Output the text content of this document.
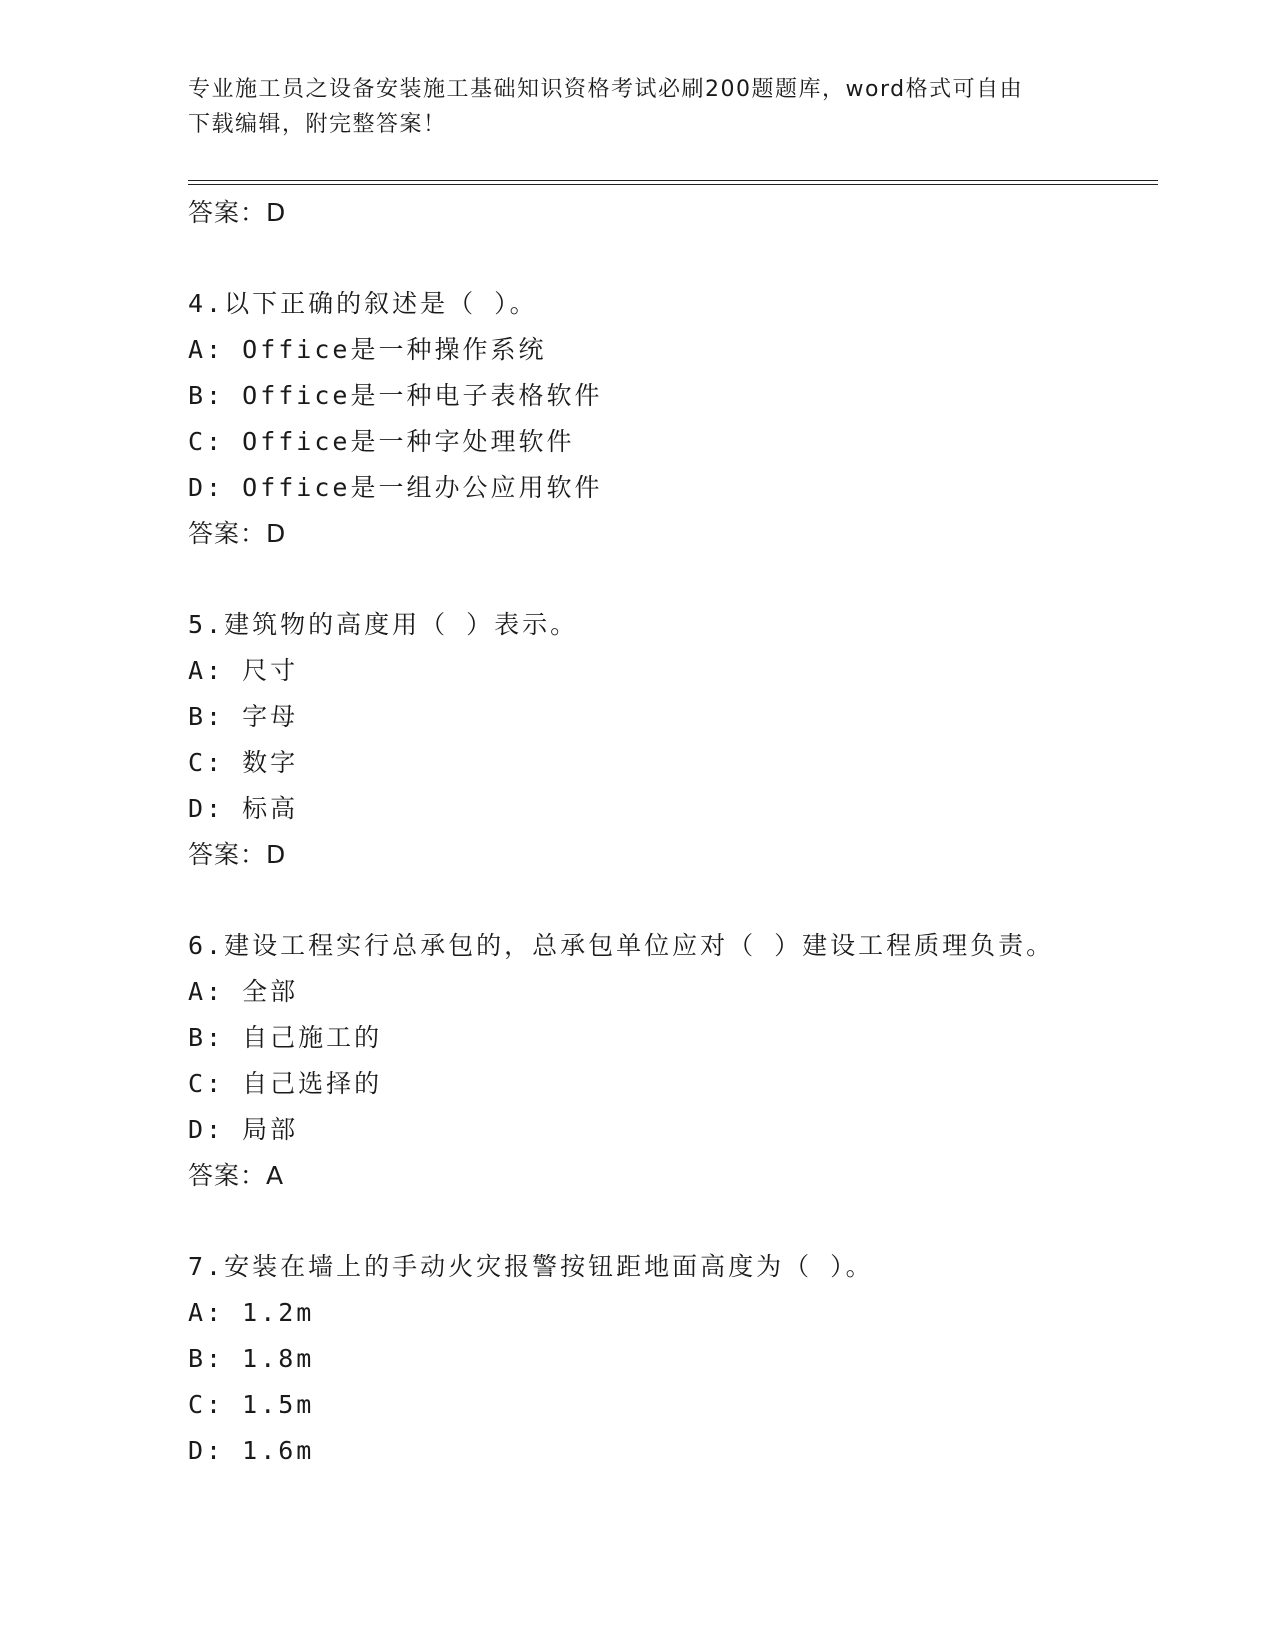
专业施工员之设备安装施工基础知识资格考试必刷200题题库，word格式可自由
下载编辑，附完整答案！
答案：D
4.以下正确的叙述是（ ）。
A: Office是一种操作系统
B: Office是一种电子表格软件
C: Office是一种字处理软件
D: Office是一组办公应用软件
答案：D
5.建筑物的高度用（ ）表示。
A: 尺寸
B: 字母
C: 数字
D: 标高
答案：D
6.建设工程实行总承包的，总承包单位应对（ ）建设工程质理负责。
A: 全部
B: 自己施工的
C: 自己选择的
D: 局部
答案：A
7.安装在墙上的手动火灾报警按钮距地面高度为（ ）。
A: 1.2m
B: 1.8m
C: 1.5m
D: 1.6m
